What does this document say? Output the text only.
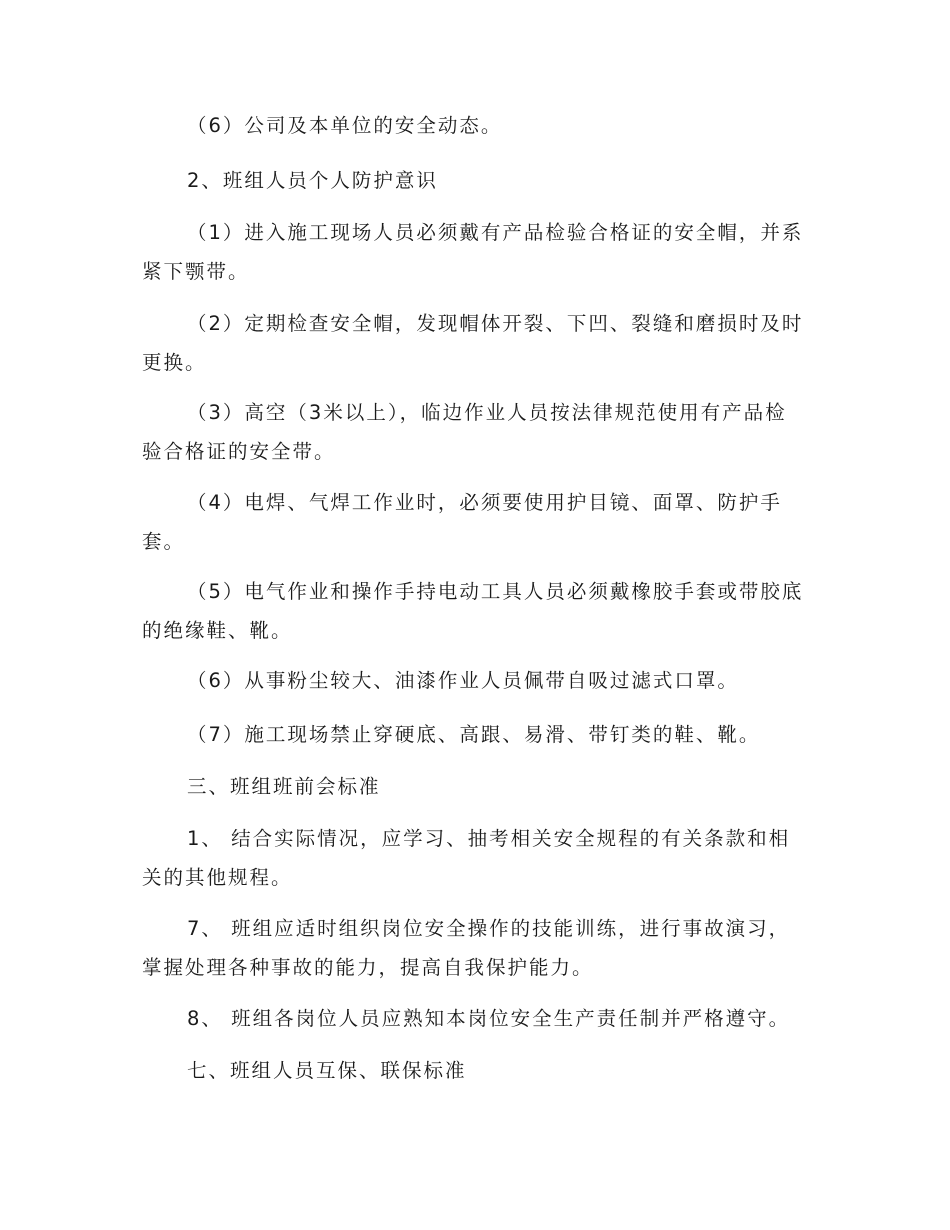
（6）公司及本单位的安全动态。
2、班组人员个人防护意识
（1）进入施工现场人员必须戴有产品检验合格证的安全帽，并系
紧下颚带。
（2）定期检查安全帽，发现帽体开裂、下凹、裂缝和磨损时及时
更换。
（3）高空（3米以上），临边作业人员按法律规范使用有产品检
验合格证的安全带。
（4）电焊、气焊工作业时，必须要使用护目镜、面罩、防护手
套。
（5）电气作业和操作手持电动工具人员必须戴橡胶手套或带胶底
的绝缘鞋、靴。
（6）从事粉尘较大、油漆作业人员佩带自吸过滤式口罩。
（7）施工现场禁止穿硬底、高跟、易滑、带钉类的鞋、靴。
三、班组班前会标准
1、 结合实际情况，应学习、抽考相关安全规程的有关条款和相
关的其他规程。
7、 班组应适时组织岗位安全操作的技能训练，进行事故演习，
掌握处理各种事故的能力，提高自我保护能力。
8、 班组各岗位人员应熟知本岗位安全生产责任制并严格遵守。
七、班组人员互保、联保标准
